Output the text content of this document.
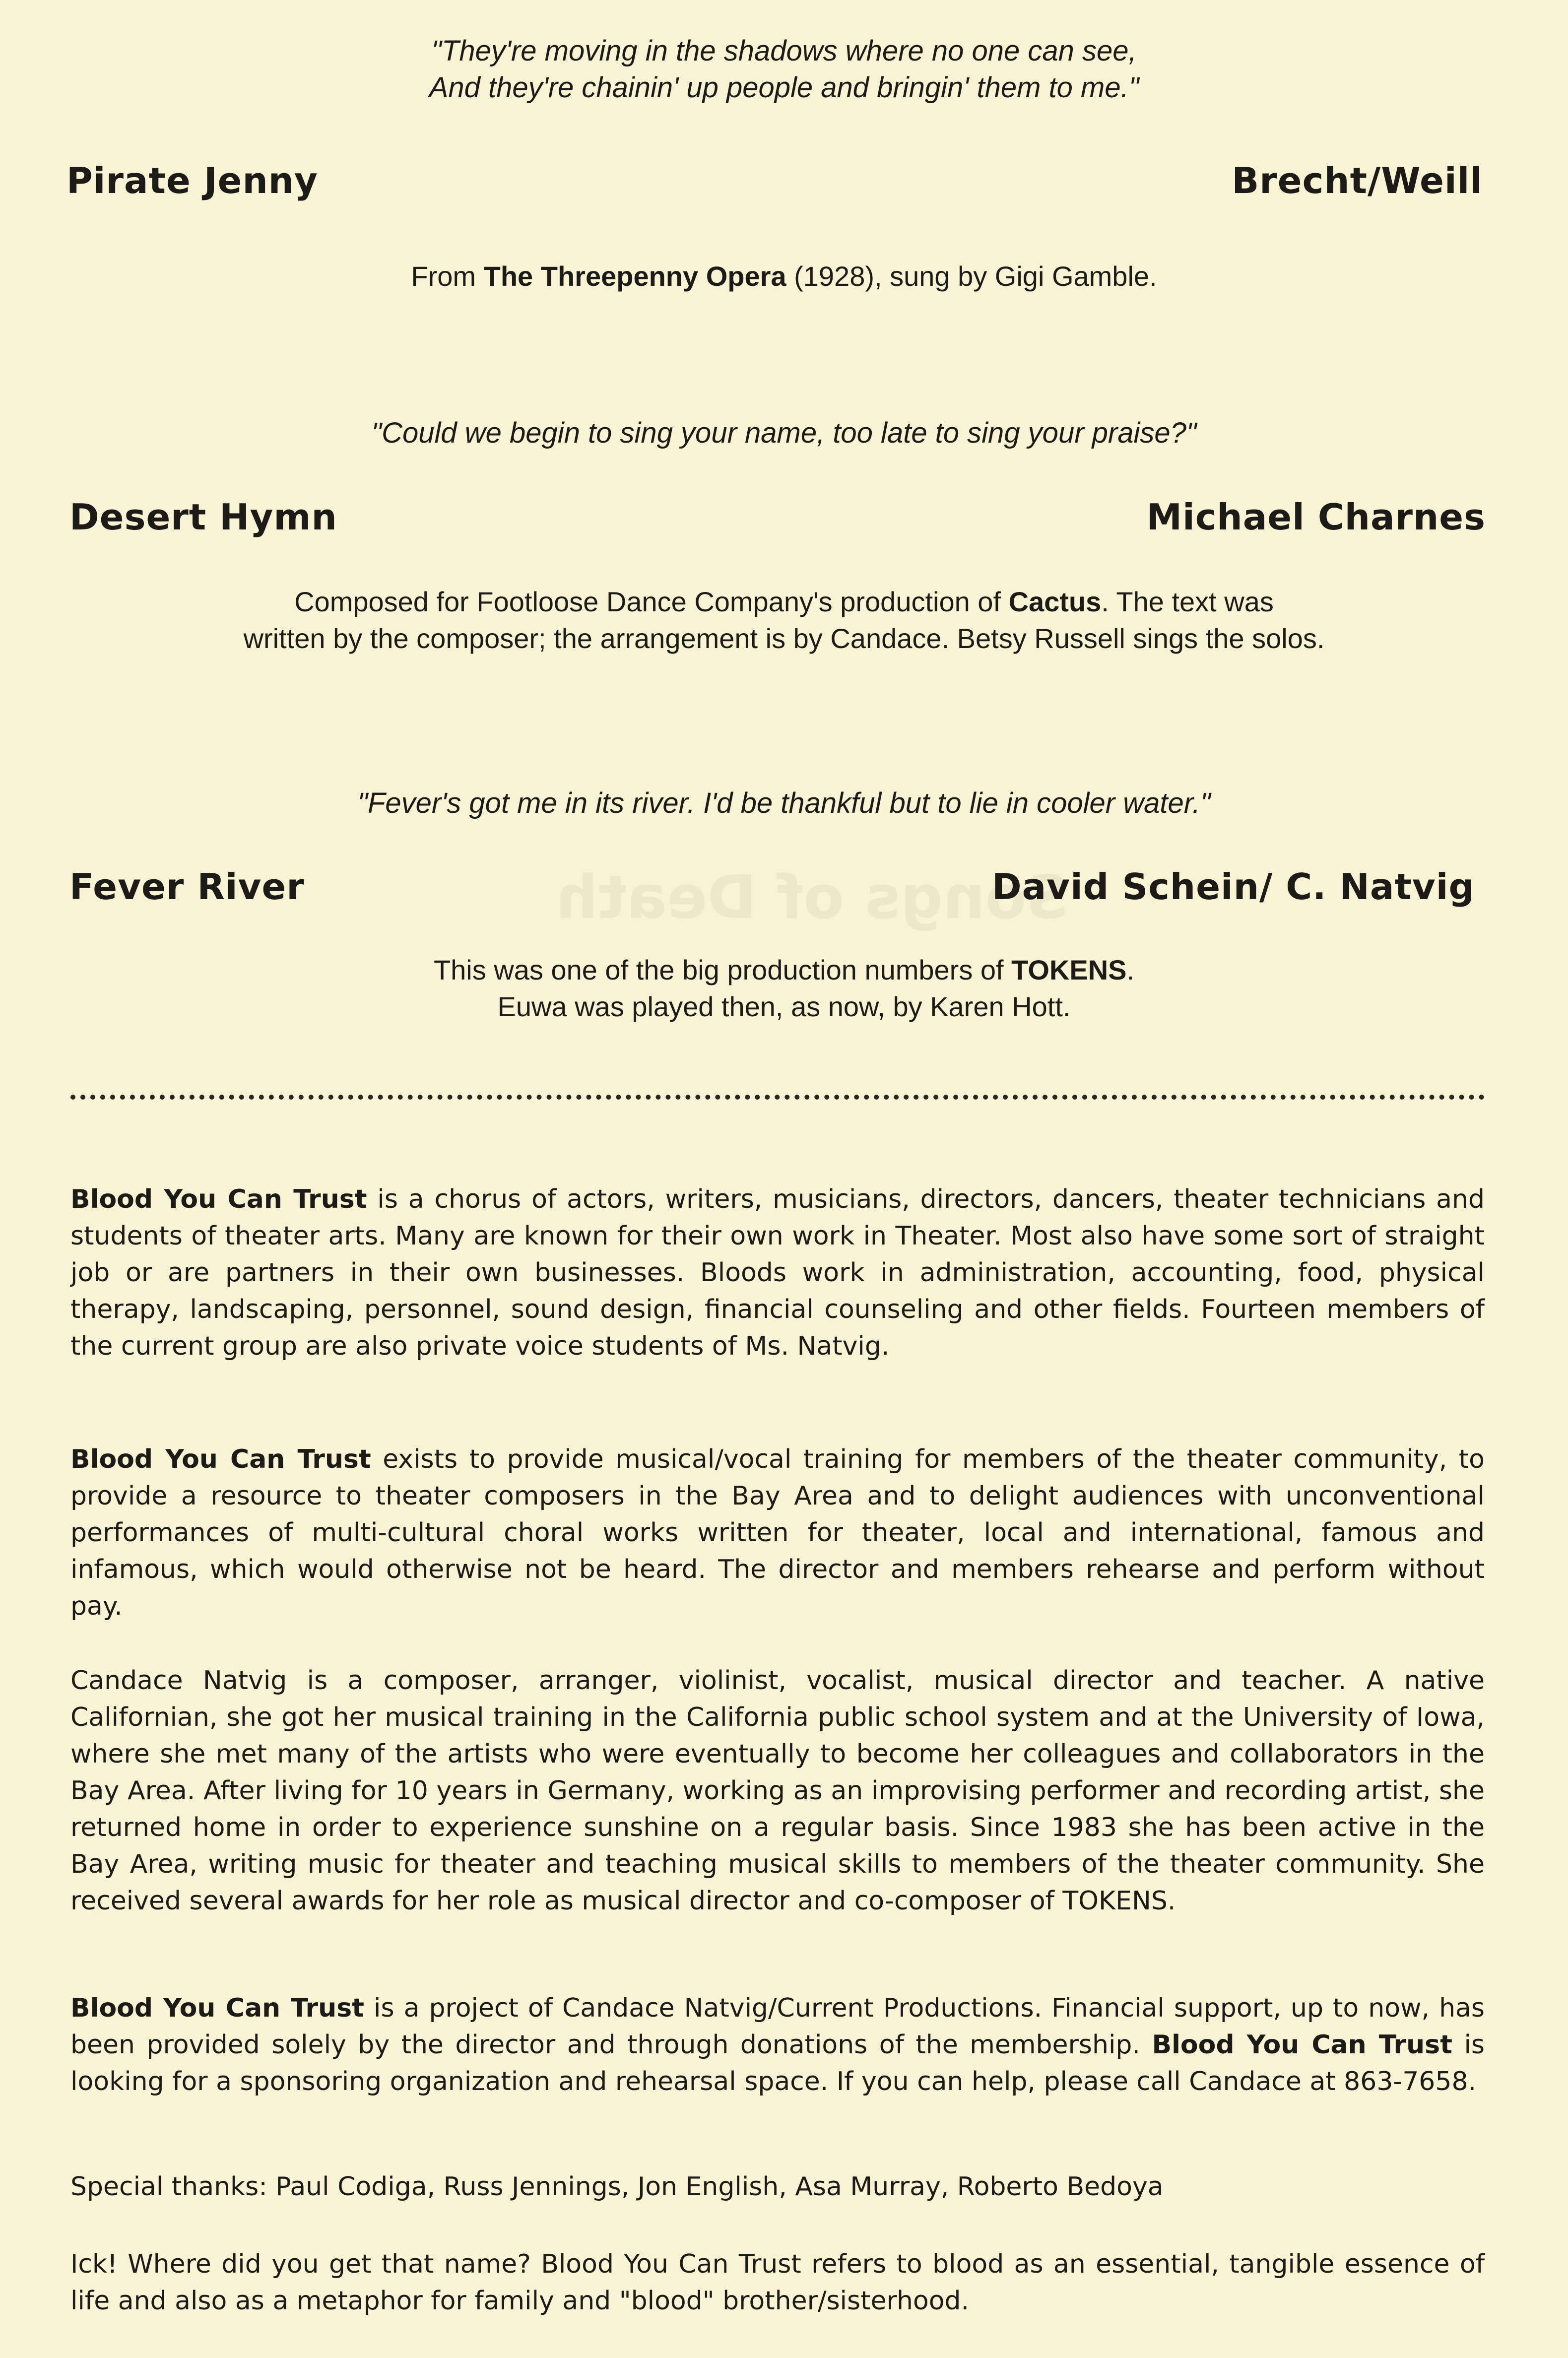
Songs of Death
"They're moving in the shadows where no one can see,
And they're chainin' up people and bringin' them to me."
Pirate Jenny	Brecht/Weill
From The Threepenny Opera (1928), sung by Gigi Gamble.
"Could we begin to sing your name, too late to sing your praise?"
Desert Hymn	Michael Charnes
Composed for Footloose Dance Company's production of Cactus. The text was
written by the composer; the arrangement is by Candace. Betsy Russell sings the solos.
"Fever's got me in its river. I'd be thankful but to lie in cooler water."
Fever River	David Schein/ C. Natvig
This was one of the big production numbers of TOKENS.
Euwa was played then, as now, by Karen Hott.
Blood You Can Trust is a chorus of actors, writers, musicians, directors, dancers, theater technicians and students of theater arts. Many are known for their own work in Theater. Most also have some sort of straight job or are partners in their own businesses. Bloods work in administration, accounting, food, physical therapy, landscaping, personnel, sound design, financial counseling and other fields. Fourteen members of the current group are also private voice students of Ms. Natvig.
Blood You Can Trust exists to provide musical/vocal training for members of the theater community, to provide a resource to theater composers in the Bay Area and to delight audiences with unconventional performances of multi-cultural choral works written for theater, local and international, famous and infamous, which would otherwise not be heard. The director and members rehearse and perform without pay.
Candace Natvig is a composer, arranger, violinist, vocalist, musical director and teacher. A native Californian, she got her musical training in the California public school system and at the University of Iowa, where she met many of the artists who were eventually to become her colleagues and collaborators in the Bay Area. After living for 10 years in Germany, working as an improvising performer and recording artist, she returned home in order to experience sunshine on a regular basis. Since 1983 she has been active in the Bay Area, writing music for theater and teaching musical skills to members of the theater community. She received several awards for her role as musical director and co-composer of TOKENS.
Blood You Can Trust is a project of Candace Natvig/Current Productions. Financial support, up to now, has been provided solely by the director and through donations of the membership. Blood You Can Trust is looking for a sponsoring organization and rehearsal space. If you can help, please call Candace at 863-7658.
Special thanks: Paul Codiga, Russ Jennings, Jon English, Asa Murray, Roberto Bedoya
Ick! Where did you get that name? Blood You Can Trust refers to blood as an essential, tangible essence of life and also as a metaphor for family and "blood" brother/sisterhood.
